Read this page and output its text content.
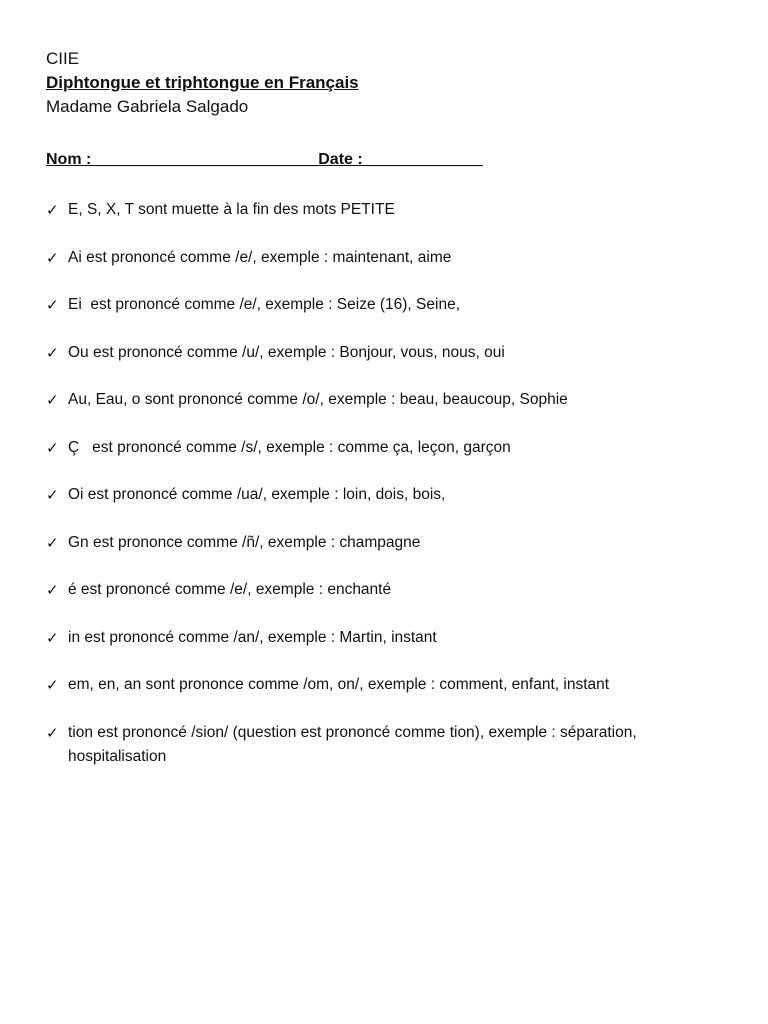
CIIE
Diphtongue et triphtongue en Français
Madame Gabriela Salgado
Nom : _________________________Date : _____________
✓ E, S, X, T sont muette à la fin des mots PETITE
✓ Ai est prononcé comme /e/, exemple : maintenant, aime
✓ Ei  est prononcé comme /e/, exemple : Seize (16), Seine,
✓ Ou est prononcé comme /u/, exemple : Bonjour, vous, nous, oui
✓ Au, Eau, o sont prononcé comme /o/, exemple : beau, beaucoup, Sophie
✓ Ç   est prononcé comme /s/, exemple : comme ça, leçon, garçon
✓ Oi est prononcé comme /ua/, exemple : loin, dois, bois,
✓ Gn est prononce comme /ñ/, exemple : champagne
✓ é est prononcé comme /e/, exemple : enchanté
✓ in est prononcé comme /an/, exemple : Martin, instant
✓ em, en, an sont prononce comme /om, on/, exemple : comment, enfant, instant
✓ tion est prononcé /sion/ (question est prononcé comme tion), exemple : séparation, hospitalisation
